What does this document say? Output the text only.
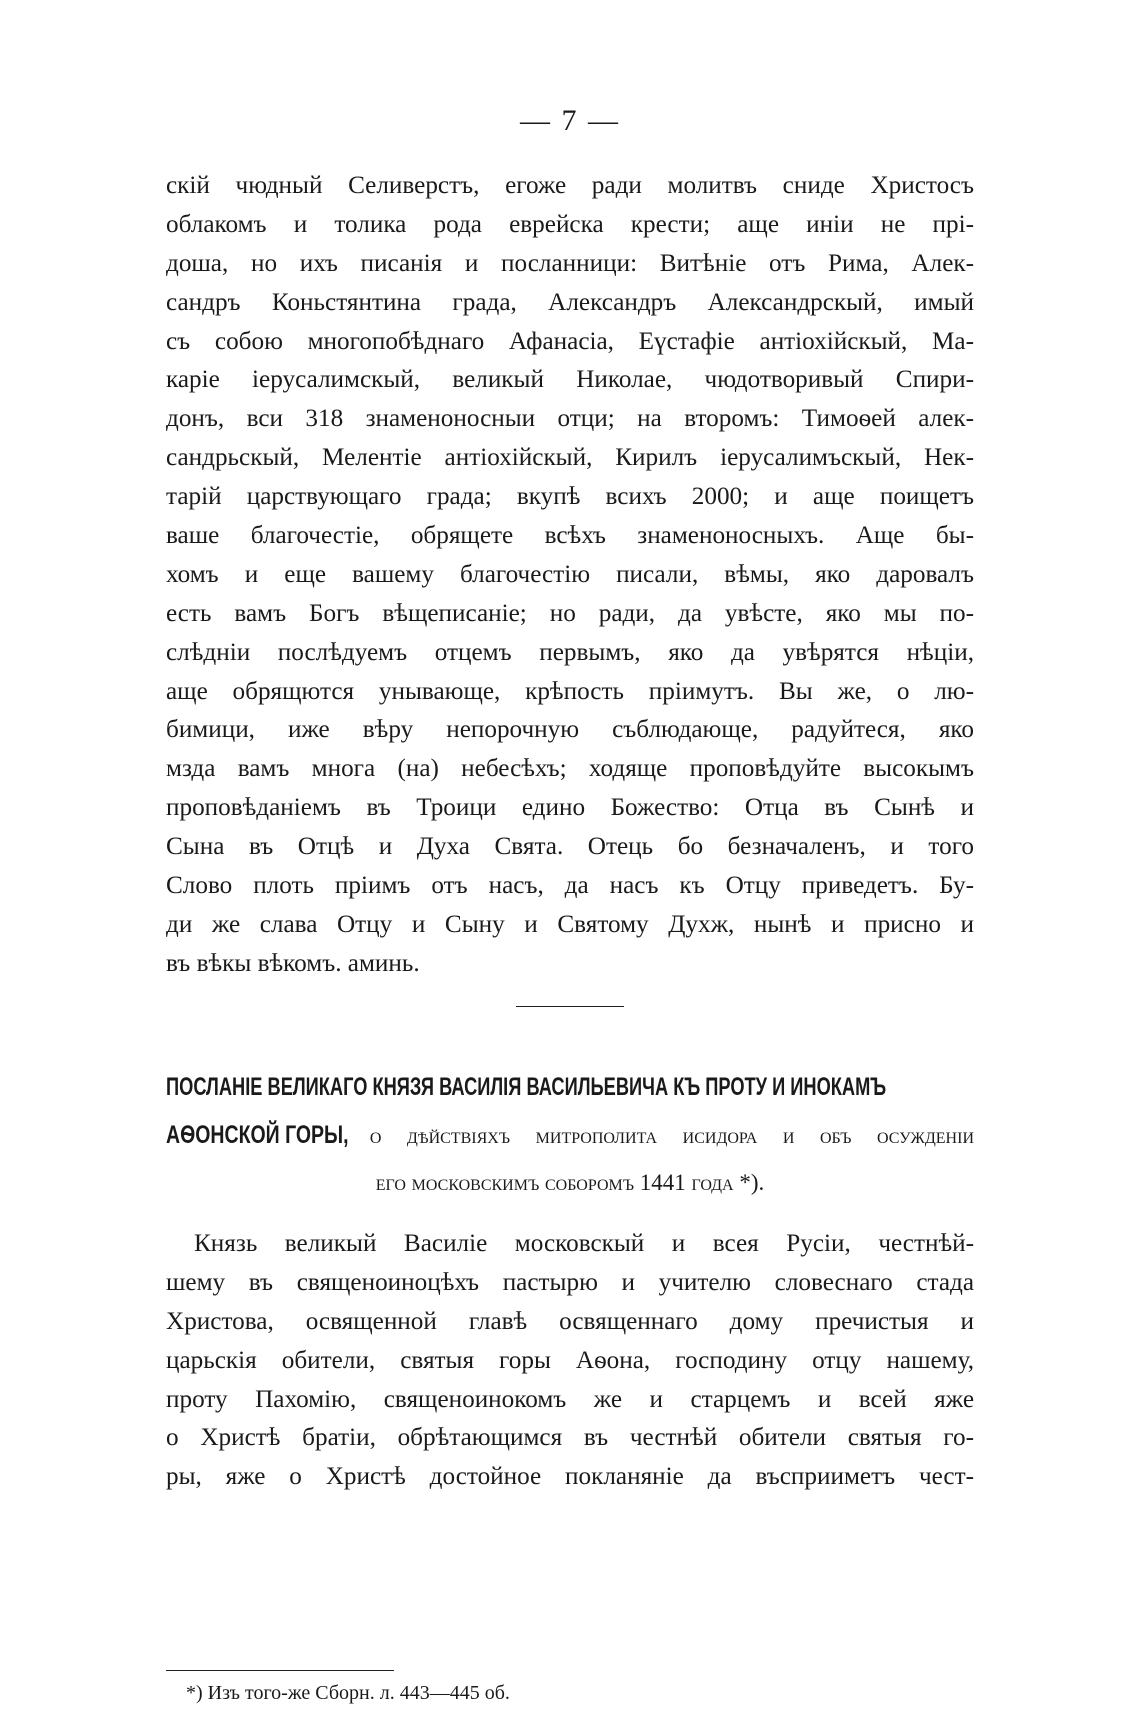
— 7 —
скій чюдный Селиверстъ, егоже ради молитвъ сниде Христосъ
облакомъ и толика рода еврейска крести; аще иніи не прі-
доша, но ихъ писанія и посланници: Витѣніе отъ Рима, Алек-
сандръ Коньстянтина града, Александръ Александрскый, имый
съ собою многопобѣднаго Афанасіа, Еүстафіе антіохійскый, Ма-
каріе іерусалимскый, великый Николае, чюдотворивый Спири-
донъ, вси 318 знаменоносныи отци; на второмъ: Тимоѳей алек-
сандрьскый, Мелентіе антіохійскый, Кирилъ іерусалимъскый, Нек-
тарій царствующаго града; вкупѣ всихъ 2000; и аще поищетъ
ваше благочестіе, обрящете всѣхъ знаменоносныхъ. Аще бы-
хомъ и еще вашему благочестію писали, вѣмы, яко даровалъ
есть вамъ Богъ вѣщеписаніе; но ради, да увѣсте, яко мы по-
слѣдніи послѣдуемъ отцемъ первымъ, яко да увѣрятся нѣціи,
аще обрящются унывающе, крѣпость пріимутъ. Вы же, о лю-
бимици, иже вѣру непорочную съблюдающе, радуйтеся, яко
мзда вамъ многа (на) небесѣхъ; ходяще проповѣдуйте высокымъ
проповѣданіемъ въ Троици едино Божество: Отца въ Сынѣ и
Сына въ Отцѣ и Духа Свята. Отець бо безначаленъ, и того
Слово плоть пріимъ отъ насъ, да насъ къ Отцу приведетъ. Бу-
ди же слава Отцу и Сыну и Святому Духж, нынѣ и присно и
въ вѣкы вѣкомъ. аминь.
ПОСЛАНІЕ ВЕЛИКАГО КНЯЗЯ ВАСИЛІЯ ВАСИЛЬЕВИЧА КЪ ПРОТУ И ИНОКАМЪ
АѲОНСКОЙ ГОРЫ, о дѣйствіяхъ митрополита исидора и объ осужденіи
его московскимъ соборомъ 1441 года *).
Князь великый Василіе московскый и всея Русіи, честнѣй-
шему въ священоиноцѣхъ пастырю и учителю словеснаго стада
Христова, освященной главѣ освященнаго дому пречистыя и
царьскія обители, святыя горы Аѳона, господину отцу нашему,
проту Пахомію, священоинокомъ же и старцемъ и всей яже
о Христѣ братіи, обрѣтающимся въ честнѣй обители святыя го-
ры, яже о Христѣ достойное покланяніе да въсприиметъ чест-
*) Изъ того-же Сборн. л. 443—445 об.
